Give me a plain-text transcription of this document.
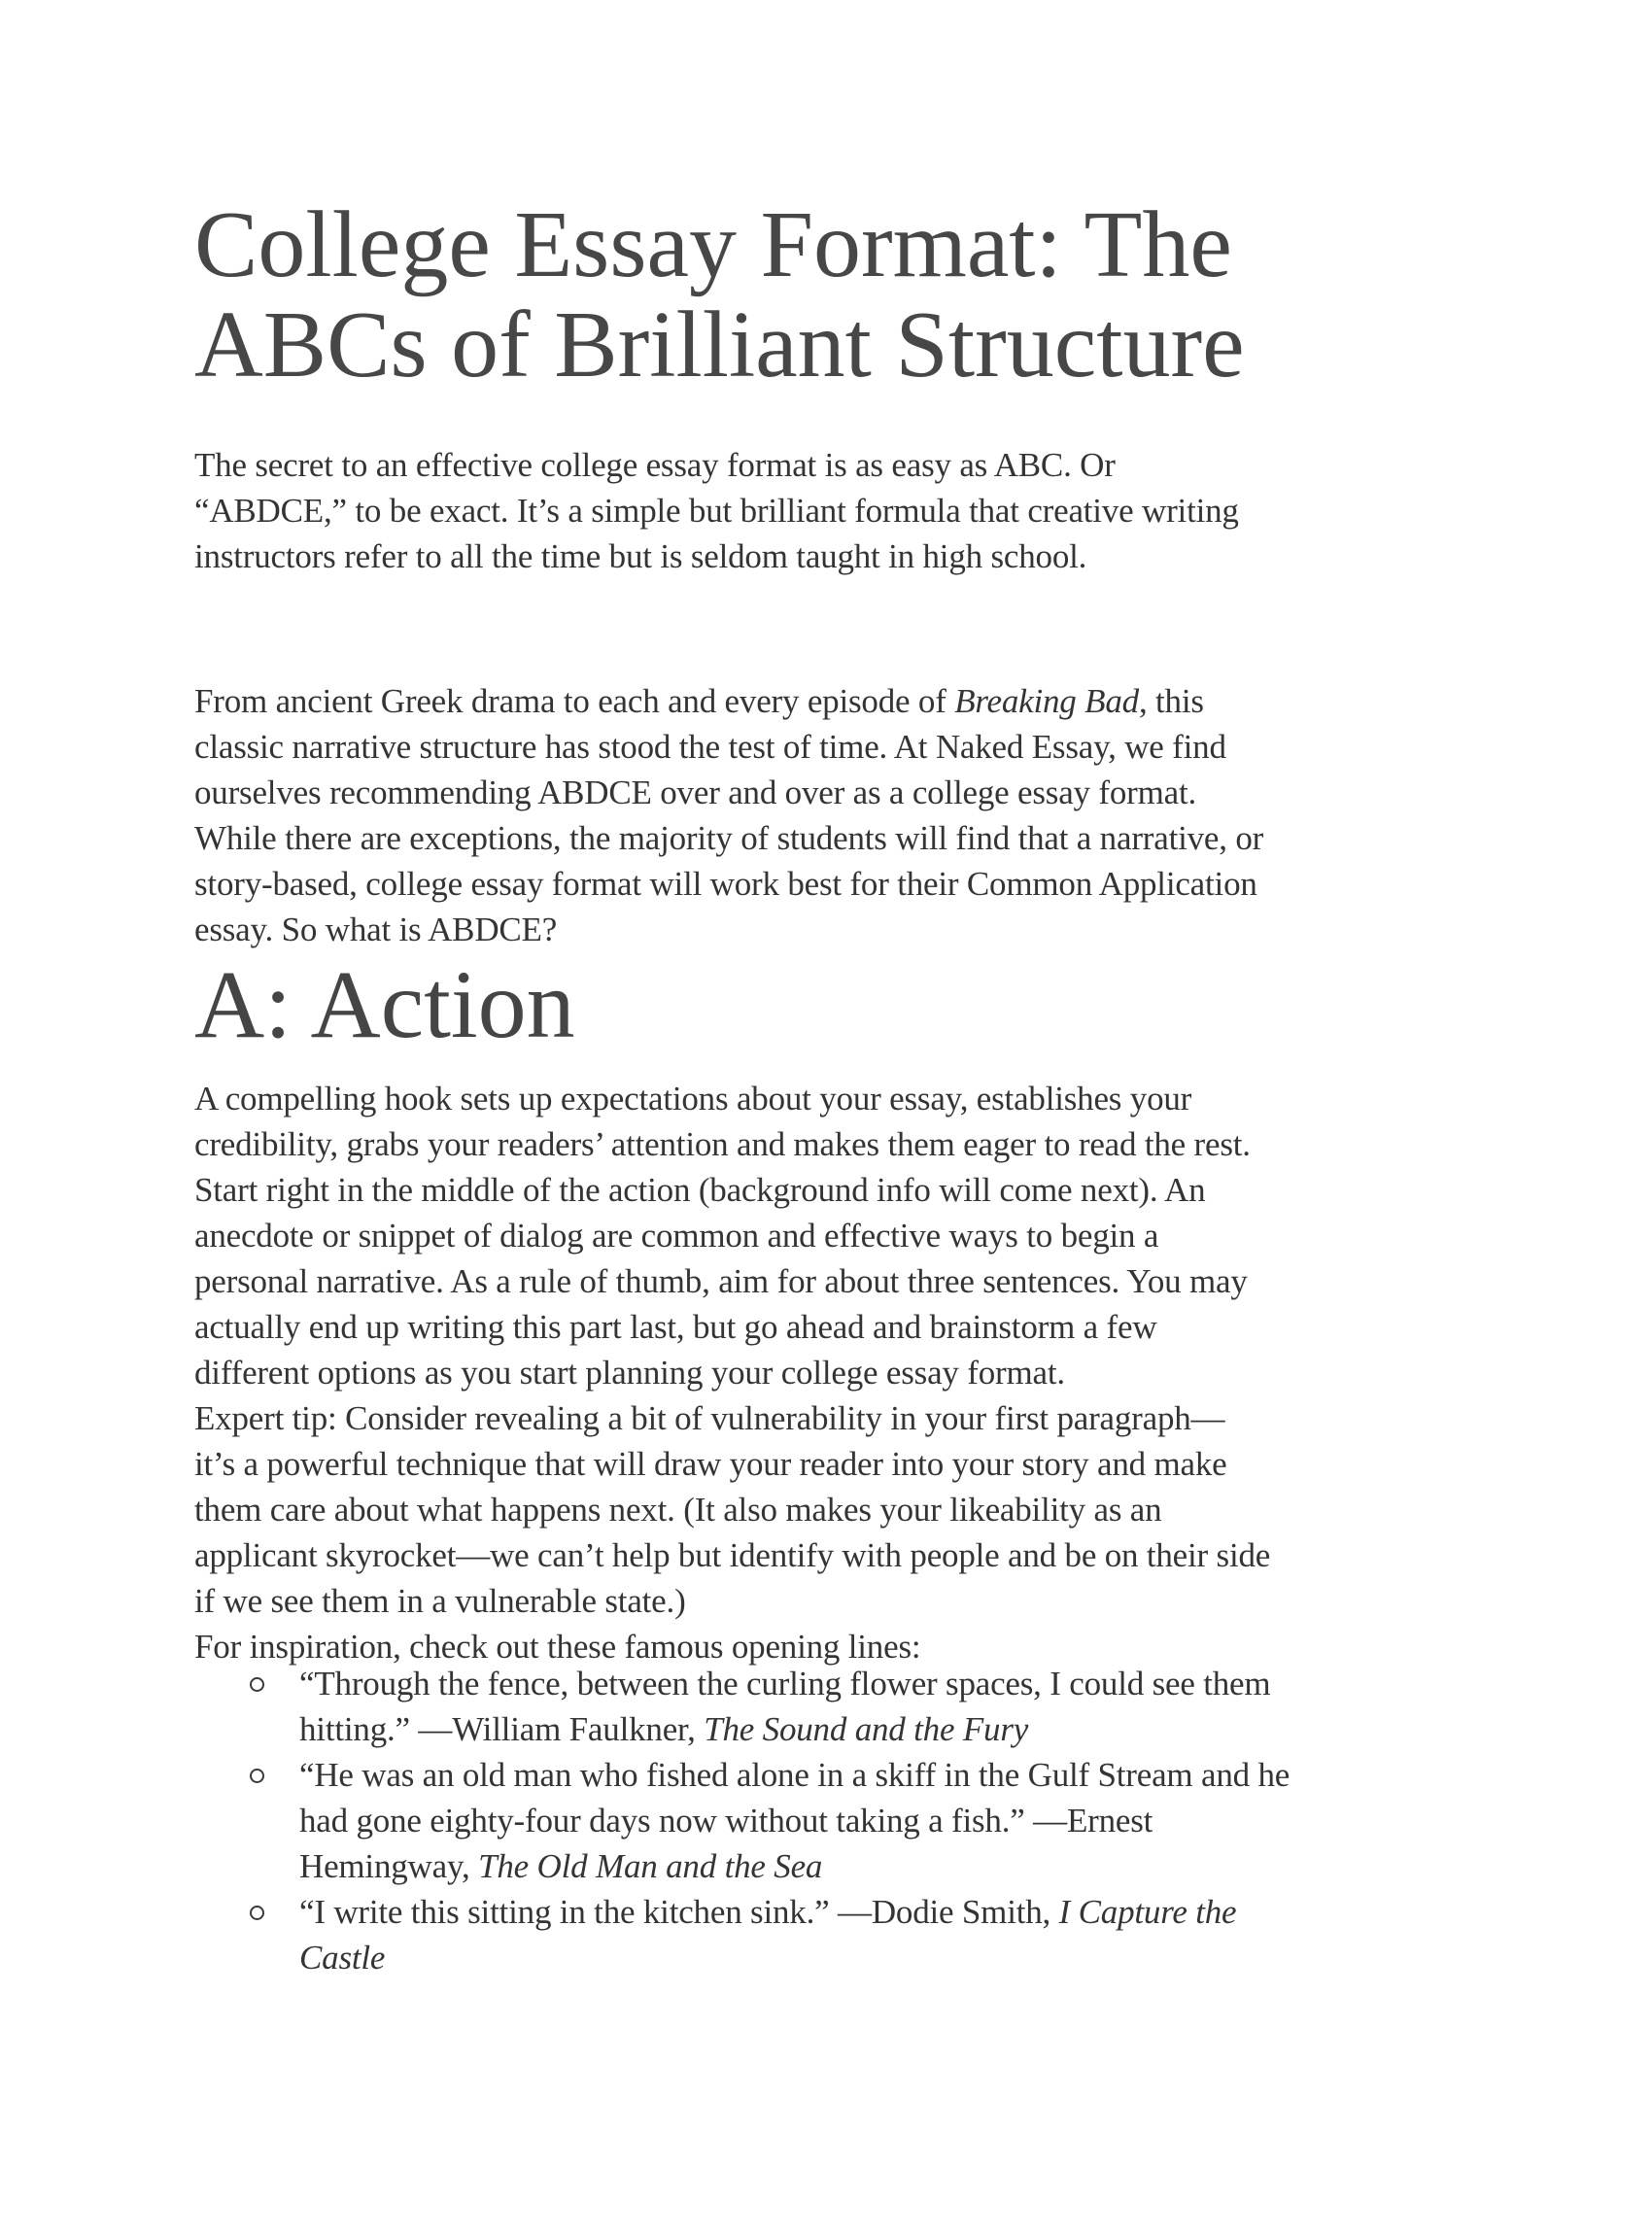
College Essay Format: The
ABCs of Brilliant Structure
The secret to an effective college essay format is as easy as ABC. Or
“ABDCE,” to be exact. It’s a simple but brilliant formula that creative writing
instructors refer to all the time but is seldom taught in high school.
From ancient Greek drama to each and every episode of Breaking Bad, this
classic narrative structure has stood the test of time. At Naked Essay, we find
ourselves recommending ABDCE over and over as a college essay format.
While there are exceptions, the majority of students will find that a narrative, or
story-based, college essay format will work best for their Common Application
essay. So what is ABDCE?
A: Action
A compelling hook sets up expectations about your essay, establishes your
credibility, grabs your readers’ attention and makes them eager to read the rest.
Start right in the middle of the action (background info will come next). An
anecdote or snippet of dialog are common and effective ways to begin a
personal narrative. As a rule of thumb, aim for about three sentences. You may
actually end up writing this part last, but go ahead and brainstorm a few
different options as you start planning your college essay format.
Expert tip: Consider revealing a bit of vulnerability in your first paragraph—
it’s a powerful technique that will draw your reader into your story and make
them care about what happens next. (It also makes your likeability as an
applicant skyrocket—we can’t help but identify with people and be on their side
if we see them in a vulnerable state.)
For inspiration, check out these famous opening lines:
“Through the fence, between the curling flower spaces, I could see them
hitting.” —William Faulkner, The Sound and the Fury
“He was an old man who fished alone in a skiff in the Gulf Stream and he
had gone eighty-four days now without taking a fish.” —Ernest
Hemingway, The Old Man and the Sea
“I write this sitting in the kitchen sink.” —Dodie Smith, I Capture the
Castle
